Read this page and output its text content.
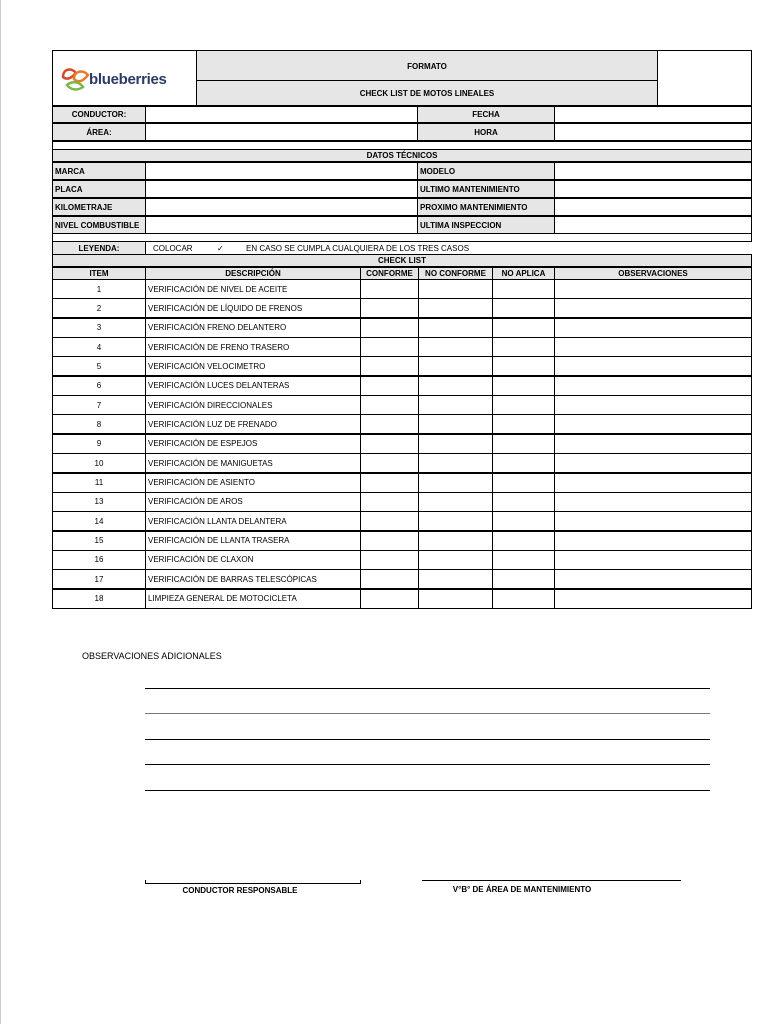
blueberries
FORMATO
CHECK LIST DE MOTOS LINEALES
CONDUCTOR:	FECHA
ÁREA:	HORA
DATOS TÉCNICOS
MARCA	MODELO
PLACA	ULTIMO MANTENIMIENTO
KILOMETRAJE	PROXIMO MANTENIMIENTO
NIVEL COMBUSTIBLE	ULTIMA INSPECCION
LEYENDA:	COLOCAR	✓	EN CASO SE CUMPLA CUALQUIERA DE LOS TRES CASOS
CHECK LIST
ITEM	DESCRIPCIÓN	CONFORME	NO CONFORME	NO APLICA	OBSERVACIONES
1	VERIFICACIÓN DE NIVEL DE ACEITE
2	VERIFICACIÓN DE LÍQUIDO DE FRENOS
3	VERIFICACIÓN FRENO DELANTERO
4	VERIFICACIÓN DE FRENO TRASERO
5	VERIFICACIÓN VELOCIMETRO
6	VERIFICACIÓN LUCES DELANTERAS
7	VERIFICACIÓN DIRECCIONALES
8	VERIFICACIÓN LUZ DE FRENADO
9	VERIFICACIÓN DE ESPEJOS
10	VERIFICACIÓN DE MANIGUETAS
11	VERIFICACIÓN DE ASIENTO
13	VERIFICACIÓN DE AROS
14	VERIFICACIÓN LLANTA DELANTERA
15	VERIFICACIÓN DE LLANTA TRASERA
16	VERIFICACIÓN DE CLAXON
17	VERIFICACIÓN DE BARRAS TELESCÓPICAS
18	LIMPIEZA GENERAL DE MOTOCICLETA
OBSERVACIONES ADICIONALES
CONDUCTOR RESPONSABLE	V°B° DE ÁREA DE MANTENIMIENTO
